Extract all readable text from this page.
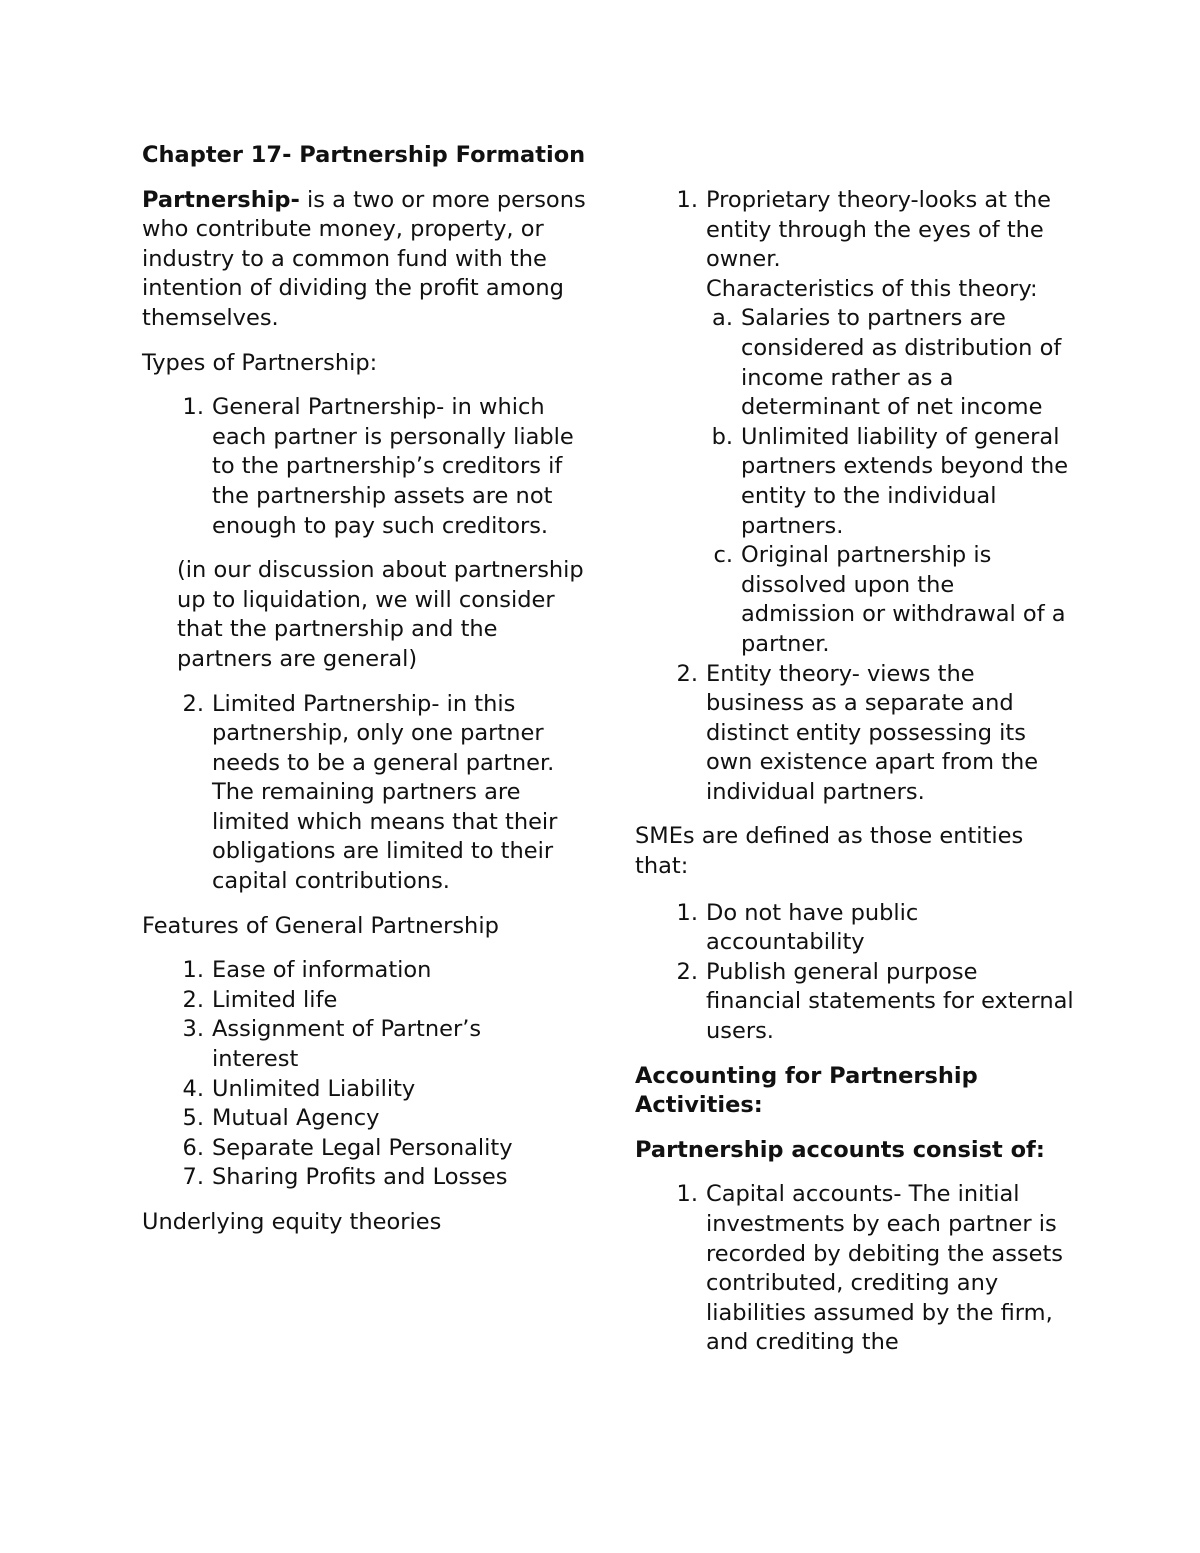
Chapter 17- Partnership Formation

Partnership- is a two or more persons who contribute money, property, or industry to a common fund with the intention of dividing the profit among themselves.

Types of Partnership:

1. General Partnership- in which each partner is personally liable to the partnership’s creditors if the partnership assets are not enough to pay such creditors.

(in our discussion about partnership up to liquidation, we will consider that the partnership and the partners are general)

2. Limited Partnership- in this partnership, only one partner needs to be a general partner. The remaining partners are limited which means that their obligations are limited to their capital contributions.

Features of General Partnership

1. Ease of information
2. Limited life
3. Assignment of Partner’s interest
4. Unlimited Liability
5. Mutual Agency
6. Separate Legal Personality
7. Sharing Profits and Losses

Underlying equity theories

1. Proprietary theory-looks at the entity through the eyes of the owner.

Characteristics of this theory:

a. Salaries to partners are considered as distribution of income rather as a determinant of net income
b. Unlimited liability of general partners extends beyond the entity to the individual partners.
c. Original partnership is dissolved upon the admission or withdrawal of a partner.
2. Entity theory- views the business as a separate and distinct entity possessing its own existence apart from the individual partners.

SMEs are defined as those entities that:

1. Do not have public accountability
2. Publish general purpose financial statements for external users.

Accounting for Partnership Activities:

Partnership accounts consist of:

1. Capital accounts- The initial investments by each partner is recorded by debiting the assets contributed, crediting any liabilities assumed by the firm, and crediting the
